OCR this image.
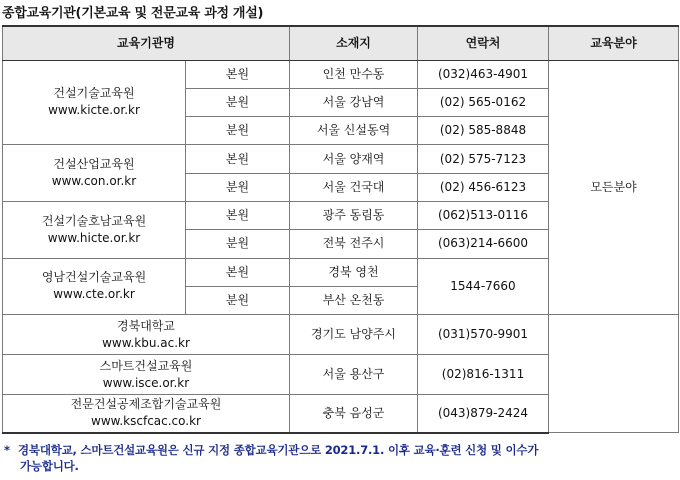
종합교육기관(기본교육 및 전문교육 과정 개설)
교육기관명		소재지	연락처	교육분야

건설기술교육원
www.kicte.or.kr	본원	인천 만수동	(032)463-4901	모든분야
	분원	서울 강남역	(02) 565-0162	
	분원	서울 신설동역	(02) 585-8848	

건설산업교육원
www.con.or.kr	본원	서울 양재역	(02) 575-7123	
	분원	서울 건국대	(02) 456-6123	

건설기술호남교육원
www.hicte.or.kr	본원	광주 동림동	(062)513-0116	
	분원	전북 전주시	(063)214-6600	

영남건설기술교육원
www.cte.or.kr	본원	경북 영천	1544-7660	
	분원	부산 온천동		

경북대학교
www.kbu.ac.kr		경기도 남양주시	(031)570-9901	

스마트건설교육원
www.isce.or.kr		서울 용산구	(02)816-1311	

전문건설공제조합기술교육원
www.kscfcac.co.kr		충북 음성군	(043)879-2424	
* 경북대학교, 스마트건설교육원은 신규 지정 종합교육기관으로 2021.7.1. 이후 교육·훈련 신청 및 이수가
가능합니다.
